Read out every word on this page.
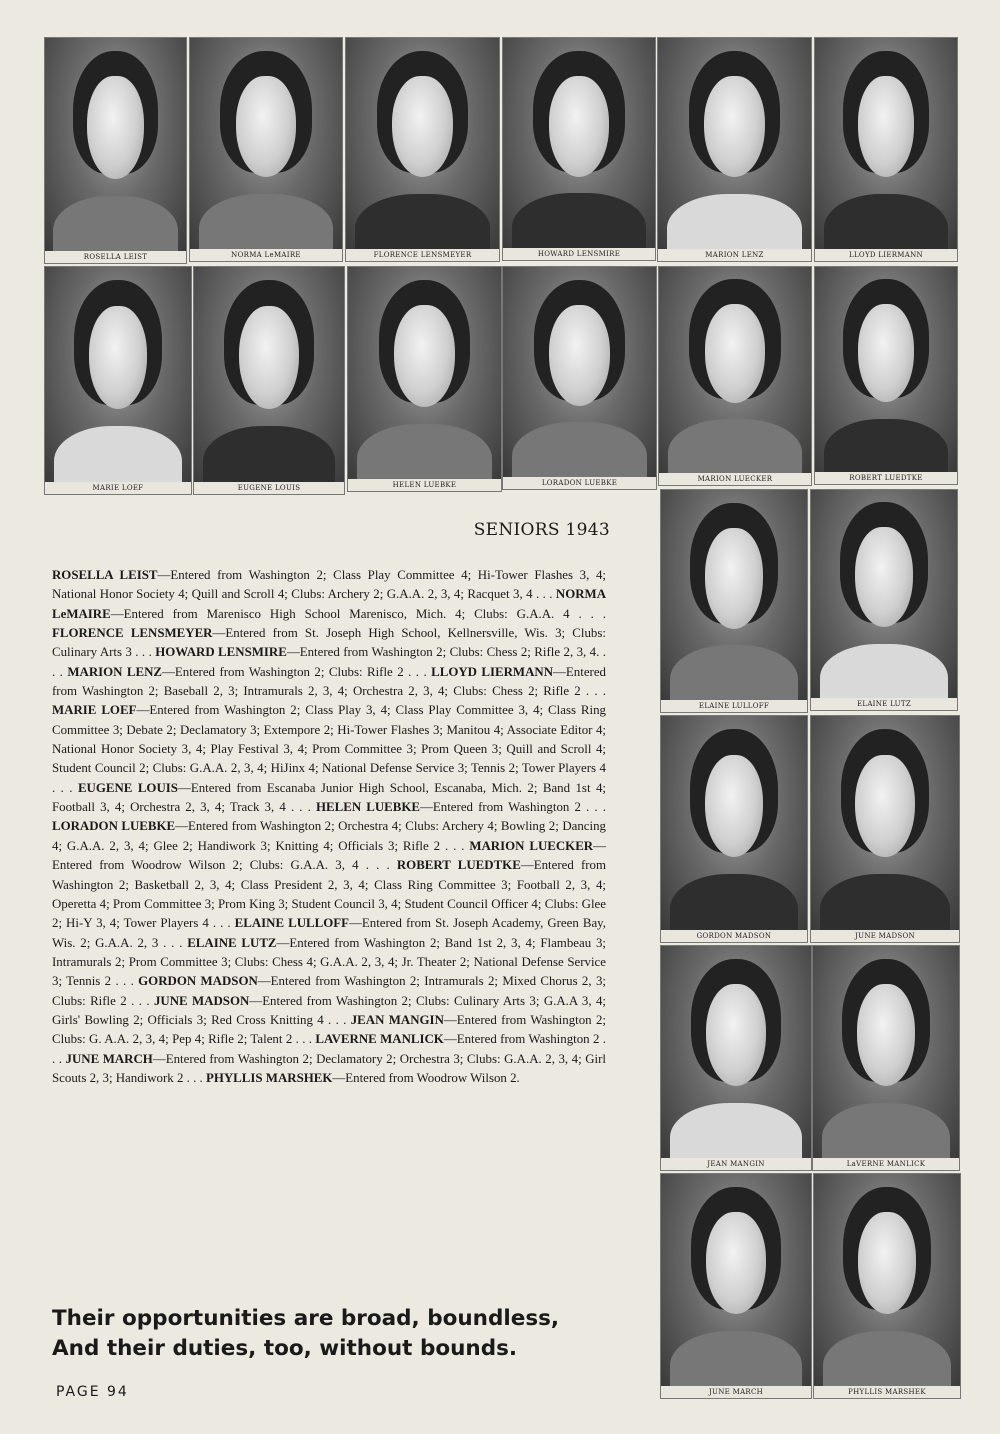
ROSELLA LEIST	NORMA LeMAIRE	FLORENCE LENSMEYER	HOWARD LENSMIRE	MARION LENZ	LLOYD LIERMANN
MARIE LOEF	EUGENE LOUIS	HELEN LUEBKE	LORADON LUEBKE	MARION LUECKER	ROBERT LUEDTKE
ELAINE LULLOFF	ELAINE LUTZ
GORDON MADSON	JUNE MADSON
JEAN MANGIN	LaVERNE MANLICK
JUNE MARCH	PHYLLIS MARSHEK
SENIORS 1943
ROSELLA LEIST—Entered from Washington 2; Class Play Committee 4; Hi-Tower Flashes 3, 4; National Honor Society 4; Quill and Scroll 4; Clubs: Archery 2; G.A.A. 2, 3, 4; Racquet 3, 4 . . . NORMA LeMAIRE—Entered from Marenisco High School Marenisco, Mich. 4; Clubs: G.A.A. 4 . . . FLORENCE LENSMEYER—Entered from St. Joseph High School, Kellnersville, Wis. 3; Clubs: Culinary Arts 3 . . . HOWARD LENSMIRE—Entered from Washington 2; Clubs: Chess 2; Rifle 2, 3, 4. . . . MARION LENZ—Entered from Washington 2; Clubs: Rifle 2 . . . LLOYD LIERMANN—Entered from Washington 2; Baseball 2, 3; Intramurals 2, 3, 4; Orchestra 2, 3, 4; Clubs: Chess 2; Rifle 2 . . . MARIE LOEF—Entered from Washington 2; Class Play 3, 4; Class Play Committee 3, 4; Class Ring Committee 3; Debate 2; Declamatory 3; Extempore 2; Hi-Tower Flashes 3; Manitou 4; Associate Editor 4; National Honor Society 3, 4; Play Festival 3, 4; Prom Committee 3; Prom Queen 3; Quill and Scroll 4; Student Council 2; Clubs: G.A.A. 2, 3, 4; HiJinx 4; National Defense Service 3; Tennis 2; Tower Players 4 . . . EUGENE LOUIS—Entered from Escanaba Junior High School, Escanaba, Mich. 2; Band 1st 4; Football 3, 4; Orchestra 2, 3, 4; Track 3, 4 . . . HELEN LUEBKE—Entered from Washington 2 . . . LORADON LUEBKE—Entered from Washington 2; Orchestra 4; Clubs: Archery 4; Bowling 2; Dancing 4; G.A.A. 2, 3, 4; Glee 2; Handiwork 3; Knitting 4; Officials 3; Rifle 2 . . . MARION LUECKER—Entered from Woodrow Wilson 2; Clubs: G.A.A. 3, 4 . . . ROBERT LUEDTKE—Entered from Washington 2; Basketball 2, 3, 4; Class President 2, 3, 4; Class Ring Committee 3; Football 2, 3, 4; Operetta 4; Prom Committee 3; Prom King 3; Student Council 3, 4; Student Council Officer 4; Clubs: Glee 2; Hi-Y 3, 4; Tower Players 4 . . . ELAINE LULLOFF—Entered from St. Joseph Academy, Green Bay, Wis. 2; G.A.A. 2, 3 . . . ELAINE LUTZ—Entered from Washington 2; Band 1st 2, 3, 4; Flambeau 3; Intramurals 2; Prom Committee 3; Clubs: Chess 4; G.A.A. 2, 3, 4; Jr. Theater 2; National Defense Service 3; Tennis 2 . . . GORDON MADSON—Entered from Washington 2; Intramurals 2; Mixed Chorus 2, 3; Clubs: Rifle 2 . . . JUNE MADSON—Entered from Washington 2; Clubs: Culinary Arts 3; G.A.A 3, 4; Girls' Bowling 2; Officials 3; Red Cross Knitting 4 . . . JEAN MANGIN—Entered from Washington 2; Clubs: G. A.A. 2, 3, 4; Pep 4; Rifle 2; Talent 2 . . . LAVERNE MANLICK—Entered from Washington 2 . . . JUNE MARCH—Entered from Washington 2; Declamatory 2; Orchestra 3; Clubs: G.A.A. 2, 3, 4; Girl Scouts 2, 3; Handiwork 2 . . . PHYLLIS MARSHEK—Entered from Woodrow Wilson 2.
Their opportunities are broad, boundless,
And their duties, too, without bounds.
PAGE 94
